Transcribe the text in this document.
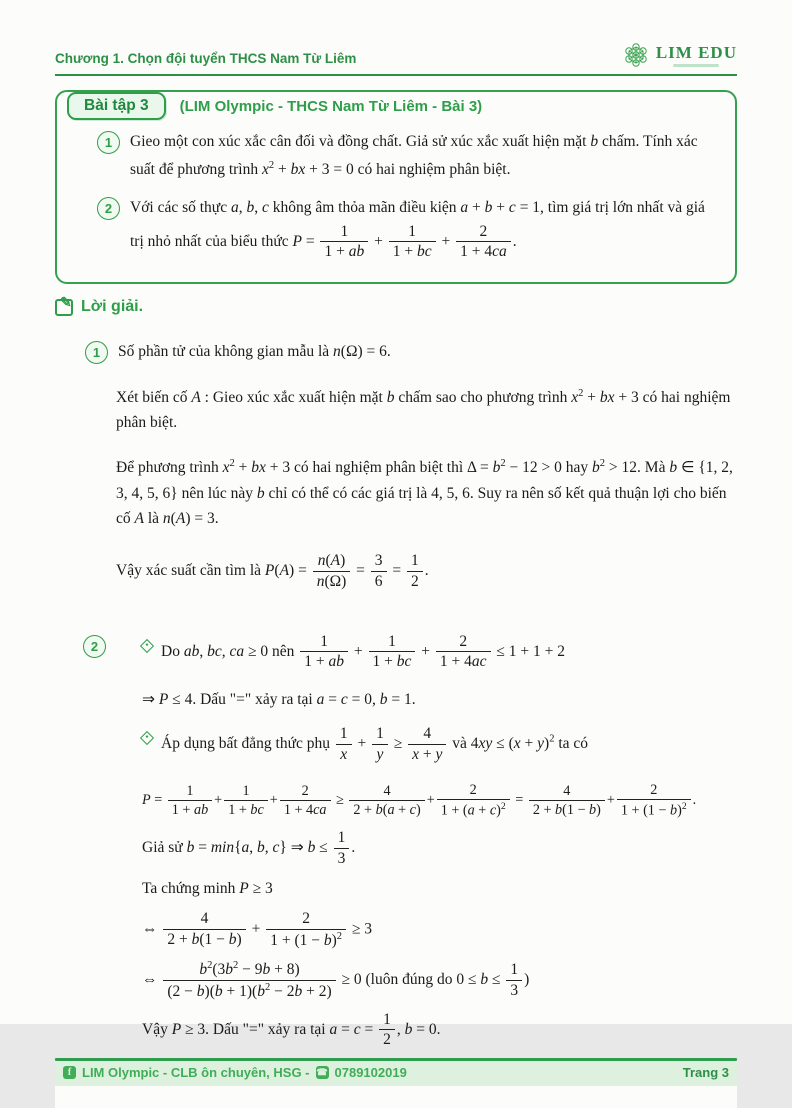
Chương 1. Chọn đội tuyển THCS Nam Từ Liêm	LIM EDU
Bài tập 3	(LIM Olympic - THCS Nam Từ Liêm - Bài 3)
1	Gieo một con xúc xắc cân đối và đồng chất. Giả sử xúc xắc xuất hiện mặt b chấm. Tính xác suất để phương trình $x^2$ + bx + 3 = 0 có hai nghiệm phân biệt.
2	Với các số thực a, b, c không âm thỏa mãn điều kiện a + b + c = 1, tìm giá trị lớn nhất và giá trị nhỏ nhất của biểu thức $P = \frac{1}{1 + ab} + \frac{1}{1 + bc} + \frac{2}{1 + 4ca}$ .
✎ Lời giải.
1	Số phần tử của không gian mẫu là n(Ω) = 6.
Xét biến cố A : Gieo xúc xắc xuất hiện mặt b chấm sao cho phương trình $x^2$ + bx + 3 có hai nghiệm phân biệt.
Để phương trình $x^2$ + bx + 3 có hai nghiệm phân biệt thì $\Delta = b^2 - 12 > 0$ hay $b^2 > 12$. Mà b ∈ {1, 2, 3, 4, 5, 6} nên lúc này b chỉ có thể có các giá trị là 4, 5, 6. Suy ra nên số kết quả thuận lợi cho biến cố A là n(A) = 3.
Vậy xác suất cần tìm là $P(A) = \frac{n(A)}{n(\Omega)} = \frac{3}{6} = \frac{1}{2}$ .
2	Do ab, bc, ca ≥ 0 nên $\frac{1}{1 + ab} + \frac{1}{1 + bc} + \frac{2}{1 + 4ac} \le 1 + 1 + 2$
⇒ P ≤ 4. Dấu "=" xảy ra tại a = c = 0, b = 1.
Áp dụng bất đẳng thức phụ $\frac{1}{x} + \frac{1}{y} \ge \frac{4}{x + y}$ và $4xy \le (x + y)^2$ ta có
$P = \frac{1}{1 + ab} + \frac{1}{1 + bc} + \frac{2}{1 + 4ca} \ge \frac{4}{2 + b(a + c)} + \frac{2}{1 + (a + c)^2} = \frac{4}{2 + b(1 - b)} + \frac{2}{1 + (1 - b)^2}$ .
Giả sử b = min{a, b, c} ⇒ $b \le \frac{1}{3}$ .
Ta chứng minh P ≥ 3
⇔ $\frac{4}{2 + b(1 - b)} + \frac{2}{1 + (1 - b)^2} \ge 3$
⇔ $\frac{b^2(3b^2 - 9b + 8)}{(2 - b)(b + 1)(b^2 - 2b + 2)} \ge 0$ (luôn đúng do $0 \le b \le \frac{1}{3}$ )
Vậy P ≥ 3. Dấu "=" xảy ra tại $a = c = \frac{1}{2}$ , b = 0.
f LIM Olympic - CLB ôn chuyên, HSG - ☎ 0789102019	Trang 3
